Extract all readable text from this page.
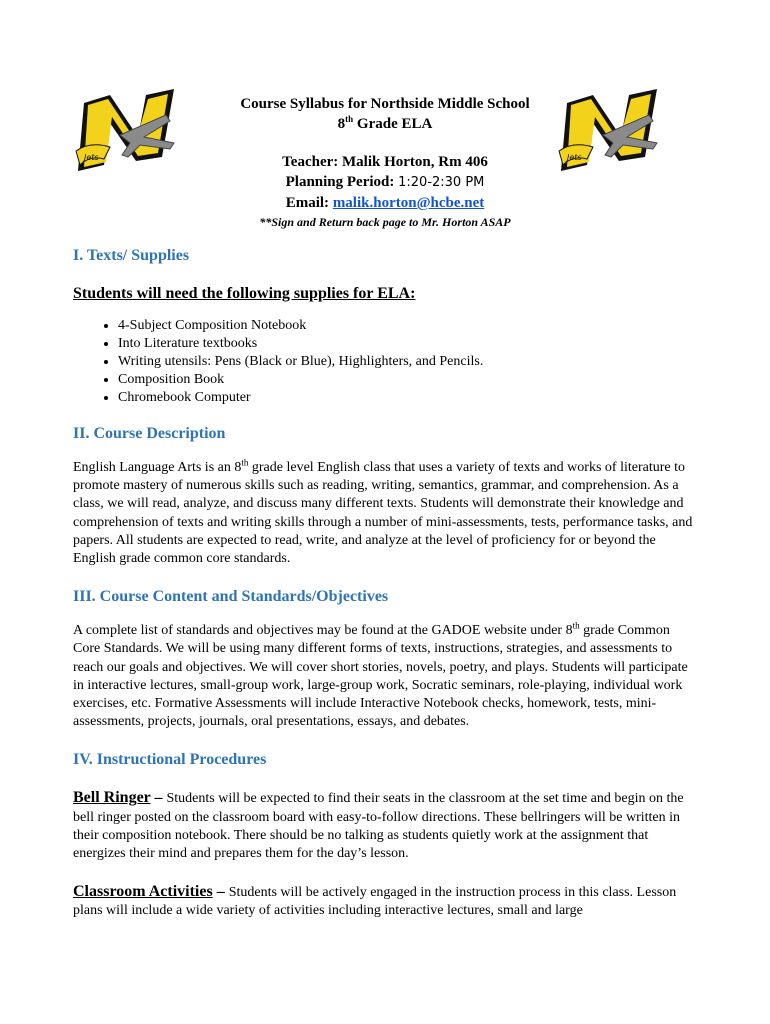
Jets	Jets
Course Syllabus for Northside Middle School
8th Grade ELA
Teacher: Malik Horton, Rm 406
Planning Period: 1:20-2:30 PM
Email: malik.horton@hcbe.net
**Sign and Return back page to Mr. Horton ASAP
I. Texts/ Supplies
Students will need the following supplies for ELA:
• 4-Subject Composition Notebook
• Into Literature textbooks
• Writing utensils: Pens (Black or Blue), Highlighters, and Pencils.
• Composition Book
• Chromebook Computer
II. Course Description

English Language Arts is an 8th grade level English class that uses a variety of texts and works of literature to promote mastery of numerous skills such as reading, writing, semantics, grammar, and comprehension. As a class, we will read, analyze, and discuss many different texts. Students will demonstrate their knowledge and comprehension of texts and writing skills through a number of mini-assessments, tests, performance tasks, and papers. All students are expected to read, write, and analyze at the level of proficiency for or beyond the English grade common core standards.

III. Course Content and Standards/Objectives

A complete list of standards and objectives may be found at the GADOE website under 8th grade Common Core Standards. We will be using many different forms of texts, instructions, strategies, and assessments to reach our goals and objectives. We will cover short stories, novels, poetry, and plays. Students will participate in interactive lectures, small-group work, large-group work, Socratic seminars, role-playing, individual work exercises, etc. Formative Assessments will include Interactive Notebook checks, homework, tests, mini-assessments, projects, journals, oral presentations, essays, and debates.

IV. Instructional Procedures

Bell Ringer – Students will be expected to find their seats in the classroom at the set time and begin on the bell ringer posted on the classroom board with easy-to-follow directions. These bellringers will be written in their composition notebook. There should be no talking as students quietly work at the assignment that energizes their mind and prepares them for the day’s lesson.

Classroom Activities – Students will be actively engaged in the instruction process in this class. Lesson plans will include a wide variety of activities including interactive lectures, small and large
